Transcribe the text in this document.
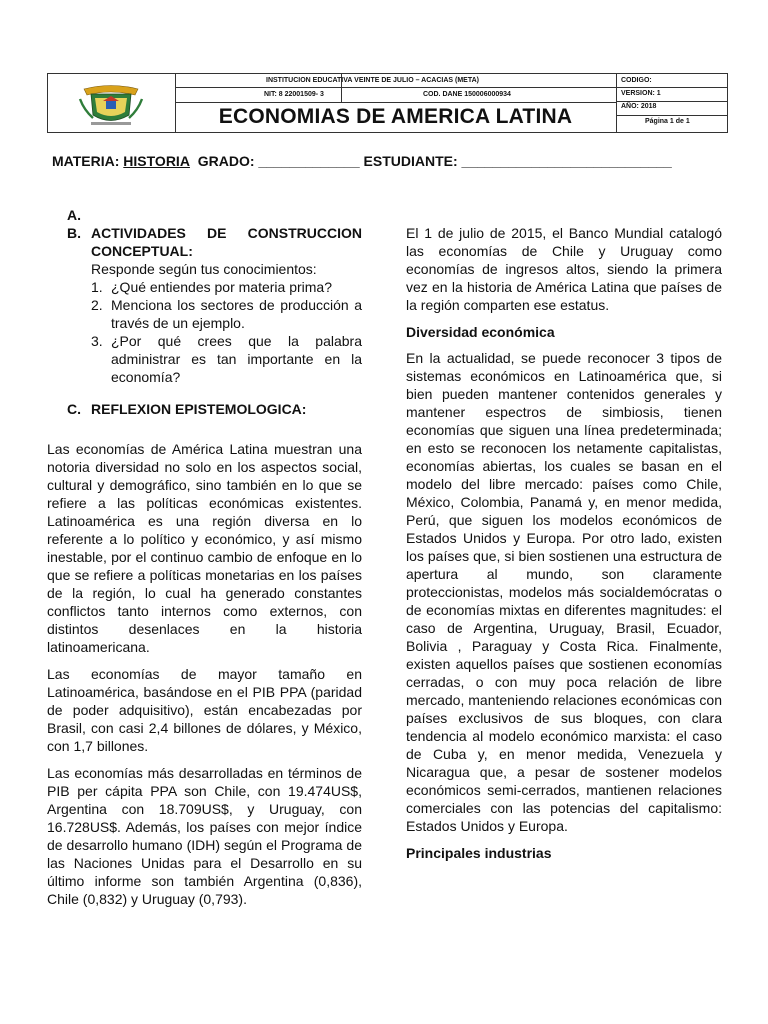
INSTITUCION EDUCATIVA VEINTE DE JULIO – ACACIAS (META)
NIT: 8 22001509- 3	COD. DANE 150006000934
CODIGO:
VERSION: 1
AÑO: 2018
Página 1 de 1
ECONOMIAS DE AMERICA LATINA
MATERIA: HISTORIA GRADO: _____________ ESTUDIANTE: ___________________________
A.
B. ACTIVIDADES DE CONSTRUCCION CONCEPTUAL:
Responde según tus conocimientos:
1. ¿Qué entiendes por materia prima?
2. Menciona los sectores de producción a través de un ejemplo.
3. ¿Por qué crees que la palabra administrar es tan importante en la economía?
C. REFLEXION EPISTEMOLOGICA:

Las economías de América Latina muestran una notoria diversidad no solo en los aspectos social, cultural y demográfico, sino también en lo que se refiere a las políticas económicas existentes. Latinoamérica es una región diversa en lo referente a lo político y económico, y así mismo inestable, por el continuo cambio de enfoque en lo que se refiere a políticas monetarias en los países de la región, lo cual ha generado constantes conflictos tanto internos como externos, con distintos desenlaces en la historia latinoamericana.

Las economías de mayor tamaño en Latinoamérica, basándose en el PIB PPA (paridad de poder adquisitivo), están encabezadas por Brasil, con casi 2,4 billones de dólares, y México, con 1,7 billones.

Las economías más desarrolladas en términos de PIB per cápita PPA son Chile, con 19.474US$, Argentina con 18.709US$, y Uruguay, con 16.728US$. Además, los países con mejor índice de desarrollo humano (IDH) según el Programa de las Naciones Unidas para el Desarrollo en su último informe son también Argentina (0,836), Chile (0,832) y Uruguay (0,793).

El 1 de julio de 2015, el Banco Mundial catalogó las economías de Chile y Uruguay como economías de ingresos altos, siendo la primera vez en la historia de América Latina que países de la región comparten ese estatus.

Diversidad económica

En la actualidad, se puede reconocer 3 tipos de sistemas económicos en Latinoamérica que, si bien pueden mantener contenidos generales y mantener espectros de simbiosis, tienen economías que siguen una línea predeterminada; en esto se reconocen los netamente capitalistas, economías abiertas, los cuales se basan en el modelo del libre mercado: países como Chile, México, Colombia, Panamá y, en menor medida, Perú, que siguen los modelos económicos de Estados Unidos y Europa. Por otro lado, existen los países que, si bien sostienen una estructura de apertura al mundo, son claramente proteccionistas, modelos más socialdemócratas o de economías mixtas en diferentes magnitudes: el caso de Argentina, Uruguay, Brasil, Ecuador, Bolivia , Paraguay y Costa Rica. Finalmente, existen aquellos países que sostienen economías cerradas, o con muy poca relación de libre mercado, manteniendo relaciones económicas con países exclusivos de sus bloques, con clara tendencia al modelo económico marxista: el caso de Cuba y, en menor medida, Venezuela y Nicaragua que, a pesar de sostener modelos económicos semi-cerrados, mantienen relaciones comerciales con las potencias del capitalismo: Estados Unidos y Europa.

Principales industrias
